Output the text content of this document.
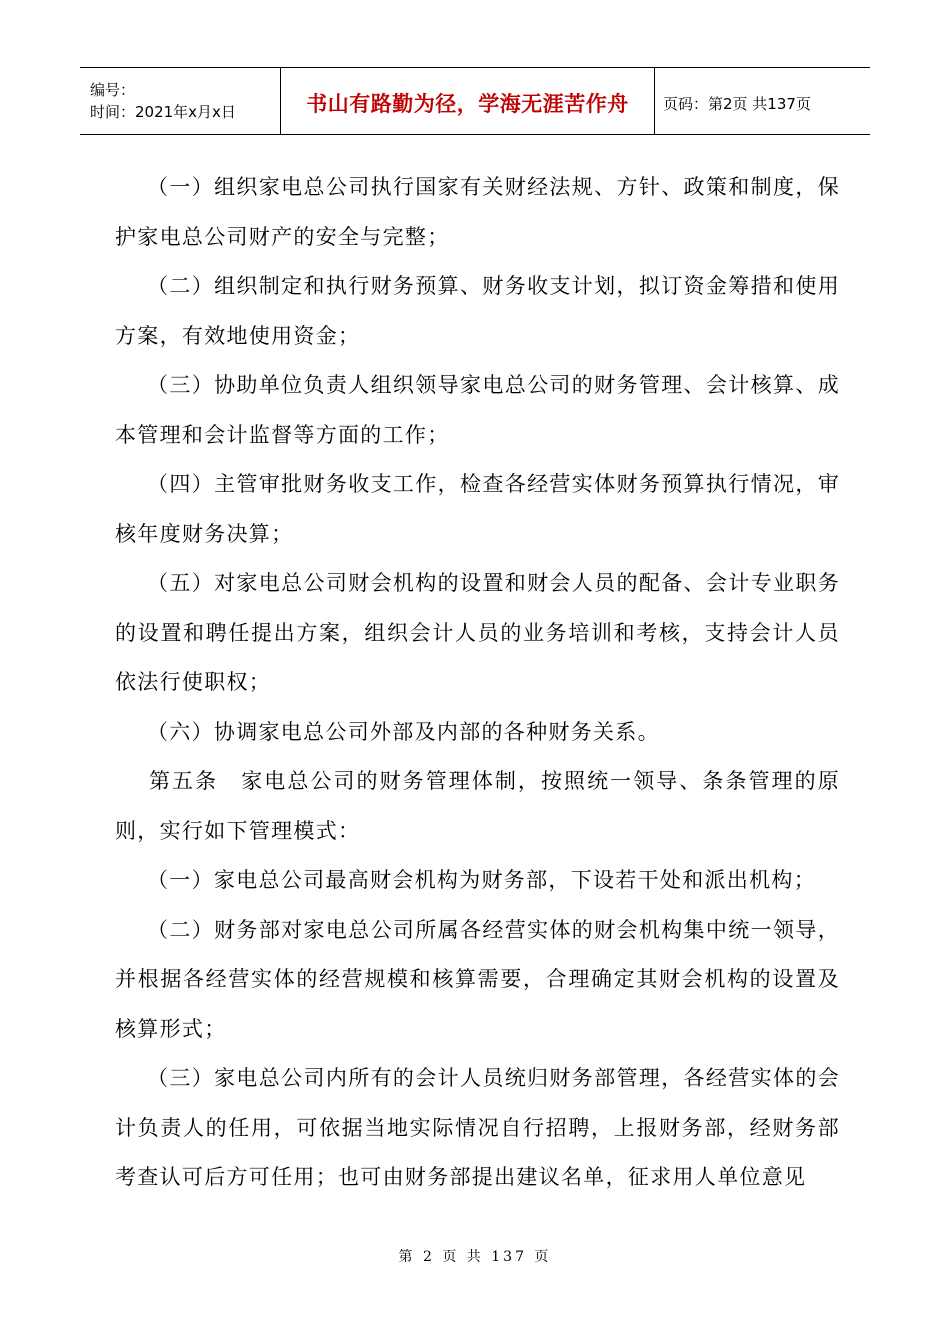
编号：
时间：2021年x月x日	书山有路勤为径，学海无涯苦作舟 页码：第2页 共137页

（一）组织家电总公司执行国家有关财经法规、方针、政策和制度，保护家电总公司财产的安全与完整；

（二）组织制定和执行财务预算、财务收支计划，拟订资金筹措和使用方案，有效地使用资金；

（三）协助单位负责人组织领导家电总公司的财务管理、会计核算、成本管理和会计监督等方面的工作；

（四）主管审批财务收支工作，检查各经营实体财务预算执行情况，审核年度财务决算；

（五）对家电总公司财会机构的设置和财会人员的配备、会计专业职务的设置和聘任提出方案，组织会计人员的业务培训和考核，支持会计人员依法行使职权；

（六）协调家电总公司外部及内部的各种财务关系。

第五条　家电总公司的财务管理体制，按照统一领导、条条管理的原则，实行如下管理模式：

（一）家电总公司最高财会机构为财务部，下设若干处和派出机构；

（二）财务部对家电总公司所属各经营实体的财会机构集中统一领导，并根据各经营实体的经营规模和核算需要，合理确定其财会机构的设置及核算形式；

（三）家电总公司内所有的会计人员统归财务部管理，各经营实体的会计负责人的任用，可依据当地实际情况自行招聘，上报财务部，经财务部考查认可后方可任用；也可由财务部提出建议名单，征求用人单位意见

第 2 页 共 137 页
